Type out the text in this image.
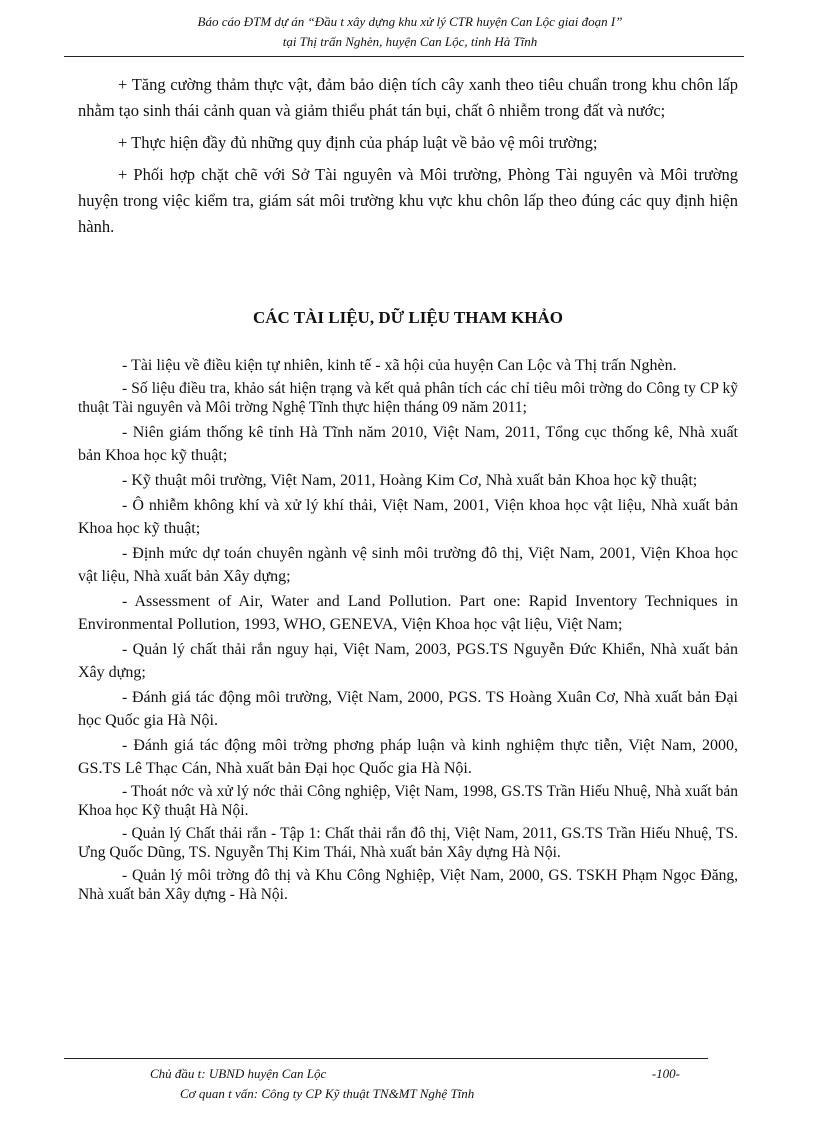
Báo cáo ĐTM dự án “Đầu t xây dựng khu xử lý CTR huyện Can Lộc giai đoạn I”
tại Thị trấn Nghèn, huyện Can Lộc, tỉnh Hà Tĩnh

+ Tăng cường thảm thực vật, đảm bảo diện tích cây xanh theo tiêu chuẩn trong khu chôn lấp nhằm tạo sinh thái cảnh quan và giảm thiểu phát tán bụi, chất ô nhiễm trong đất và nước;

+ Thực hiện đầy đủ những quy định của pháp luật về bảo vệ môi trường;

+ Phối hợp chặt chẽ với Sở Tài nguyên và Môi trường, Phòng Tài nguyên và Môi trường huyện trong việc kiểm tra, giám sát môi trường khu vực khu chôn lấp theo đúng các quy định hiện hành.

CÁC TÀI LIỆU, DỮ LIỆU THAM KHẢO

- Tài liệu về điều kiện tự nhiên, kinh tế - xã hội của huyện Can Lộc và Thị trấn Nghèn.

- Số liệu điều tra, khảo sát hiện trạng và kết quả phân tích các chỉ tiêu môi trờng do Công ty CP kỹ thuật Tài nguyên và Môi trờng Nghệ Tĩnh thực hiện tháng 09 năm 2011;

- Niên giám thống kê tỉnh Hà Tĩnh năm 2010, Việt Nam, 2011, Tổng cục thống kê, Nhà xuất bản Khoa học kỹ thuật;

- Kỹ thuật môi trường, Việt Nam, 2011, Hoàng Kim Cơ, Nhà xuất bản Khoa học kỹ thuật;

- Ô nhiễm không khí và xử lý khí thải, Việt Nam, 2001, Viện khoa học vật liệu, Nhà xuất bản Khoa học kỹ thuật;

- Định mức dự toán chuyên ngành vệ sinh môi trường đô thị, Việt Nam, 2001, Viện Khoa học vật liệu, Nhà xuất bản Xây dựng;

- Assessment of Air, Water and Land Pollution. Part one: Rapid Inventory Techniques in Environmental Pollution, 1993, WHO, GENEVA, Viện Khoa học vật liệu, Việt Nam;

- Quản lý chất thải rắn nguy hại, Việt Nam, 2003, PGS.TS Nguyễn Đức Khiển, Nhà xuất bản Xây dựng;

- Đánh giá tác động môi trường, Việt Nam, 2000, PGS. TS Hoàng Xuân Cơ, Nhà xuất bản Đại học Quốc gia Hà Nội.

- Đánh giá tác động môi trờng phơng pháp luận và kinh nghiệm thực tiễn, Việt Nam, 2000, GS.TS Lê Thạc Cán, Nhà xuất bản Đại học Quốc gia Hà Nội.

- Thoát nớc và xử lý nớc thải Công nghiệp, Việt Nam, 1998, GS.TS Trần Hiếu Nhuệ, Nhà xuất bản Khoa học Kỹ thuật Hà Nội.

- Quản lý Chất thải rắn - Tập 1: Chất thải rắn đô thị, Việt Nam, 2011, GS.TS Trần Hiếu Nhuệ, TS. Ưng Quốc Dũng, TS. Nguyễn Thị Kim Thái, Nhà xuất bản Xây dựng Hà Nội.

- Quản lý môi trờng đô thị và Khu Công Nghiệp, Việt Nam, 2000, GS. TSKH Phạm Ngọc Đăng, Nhà xuất bản Xây dựng - Hà Nội.

Chủ đầu t: UBND huyện Can Lộc	-100-
Cơ quan t vấn: Công ty CP Kỹ thuật TN&MT Nghệ Tĩnh
